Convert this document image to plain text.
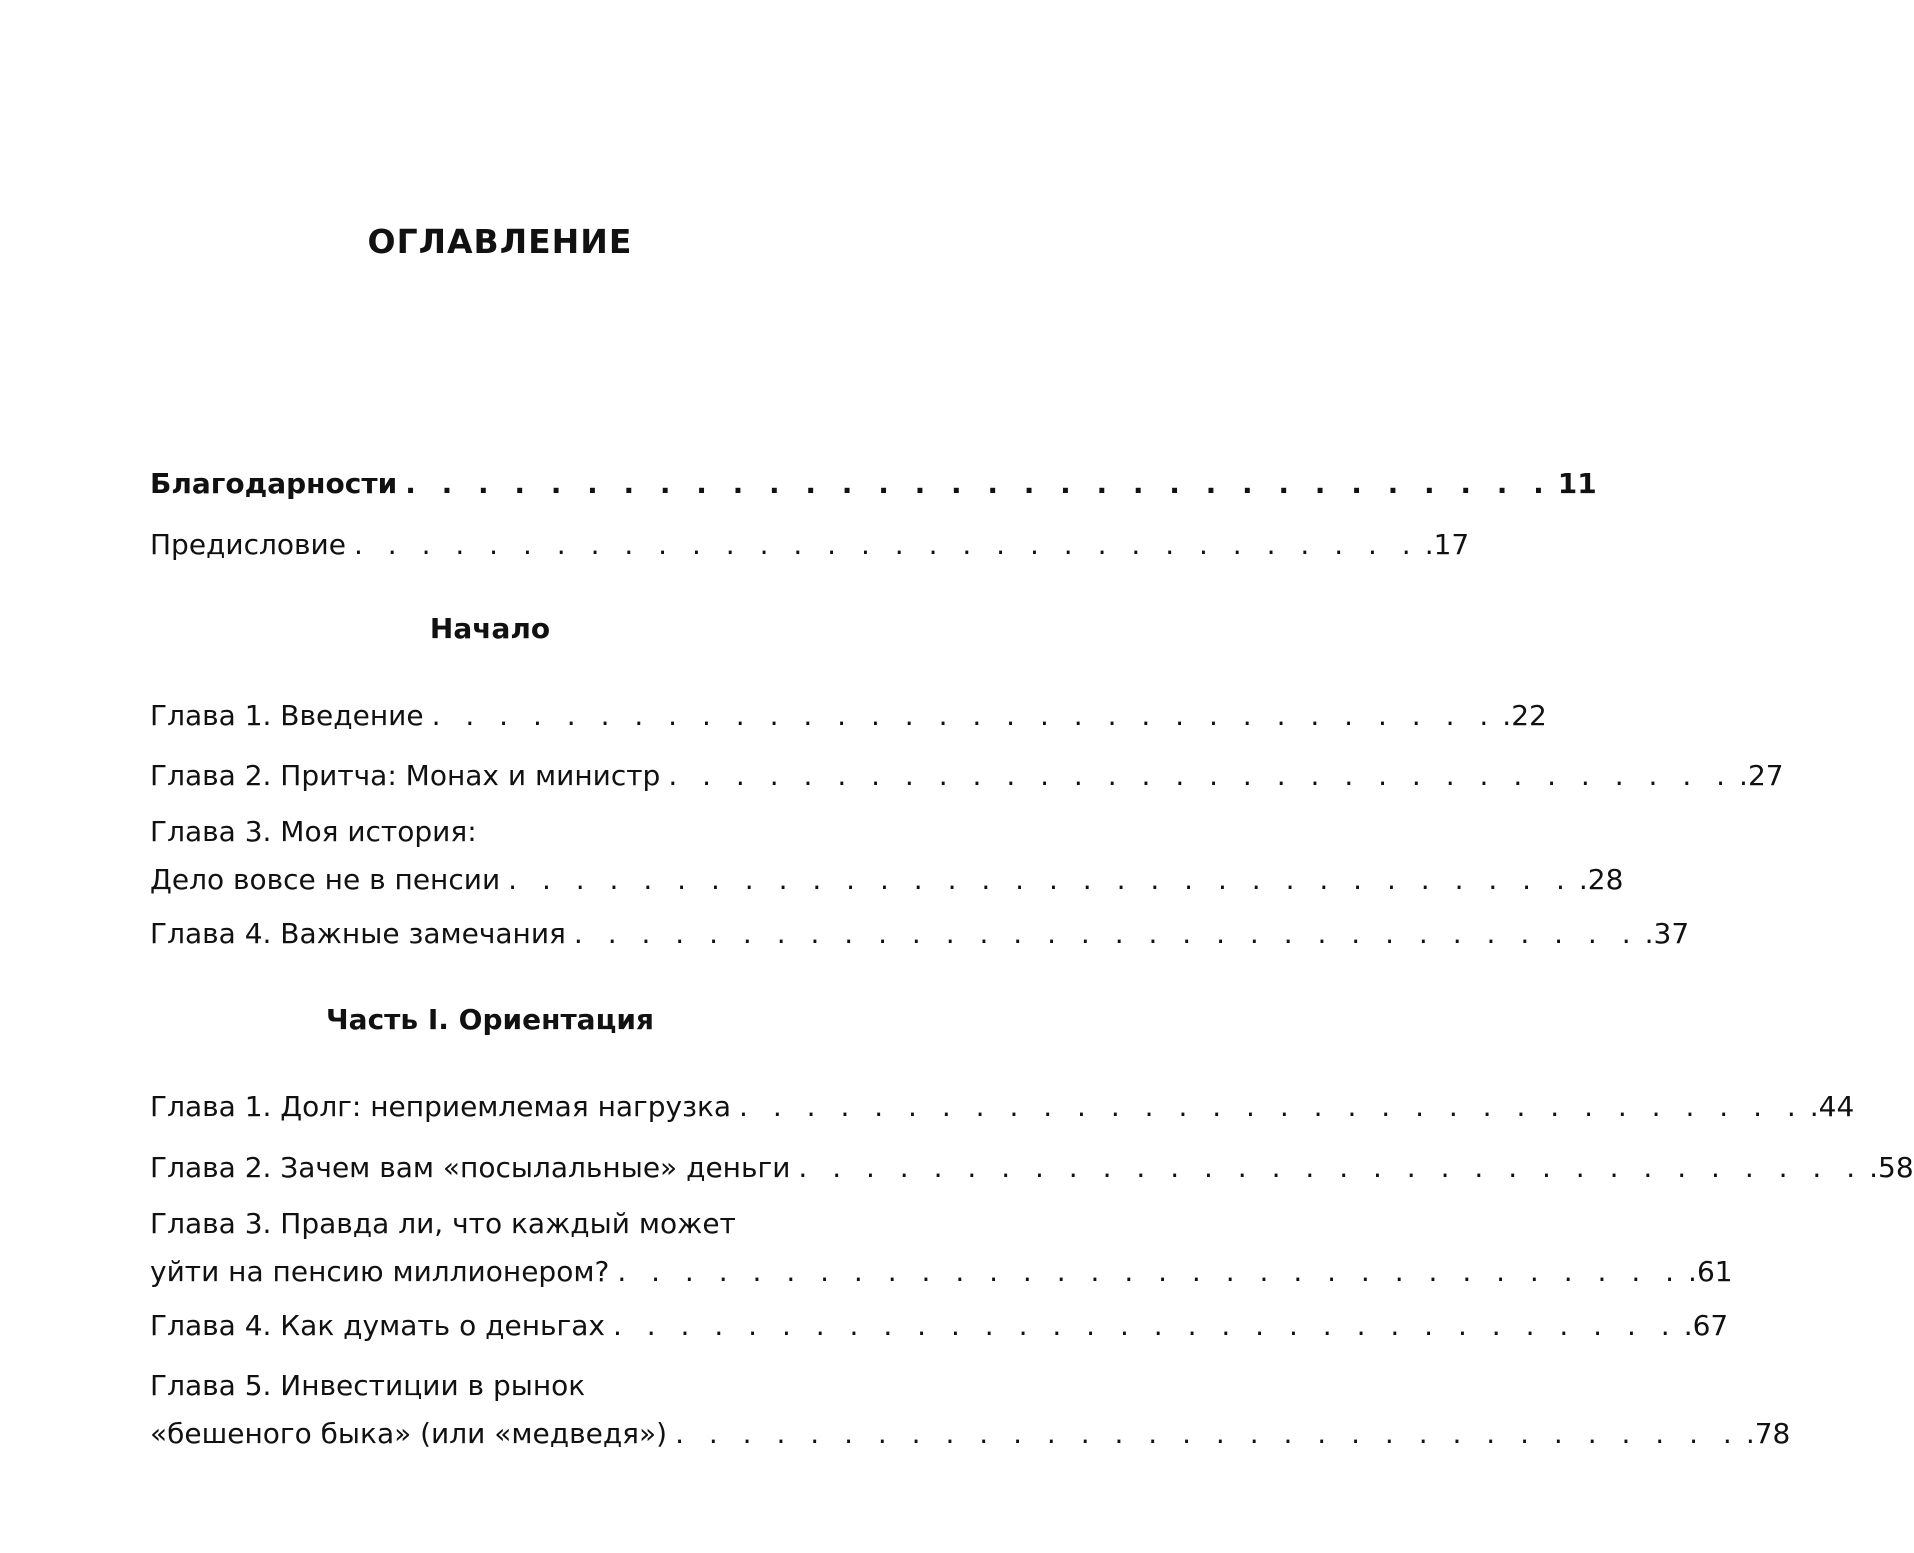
ОГЛАВЛЕНИЕ
Благодарности . . . . . . . . . . . . . . . . . . . . . . . . . . . . . . . . 11
Предисловие . . . . . . . . . . . . . . . . . . . . . . . . . . . . . . . . .17
Начало
Глава 1. Введение . . . . . . . . . . . . . . . . . . . . . . . . . . . . . . . . .22
Глава 2. Притча: Монах и министр . . . . . . . . . . . . . . . . . . . . . . . . . . . . . . . . .27
Глава 3. Моя история:
Дело вовсе не в пенсии . . . . . . . . . . . . . . . . . . . . . . . . . . . . . . . . .28
Глава 4. Важные замечания . . . . . . . . . . . . . . . . . . . . . . . . . . . . . . . . .37
Часть I. Ориентация
Глава 1. Долг: неприемлемая нагрузка . . . . . . . . . . . . . . . . . . . . . . . . . . . . . . . . .44
Глава 2. Зачем вам «посылальные» деньги . . . . . . . . . . . . . . . . . . . . . . . . . . . . . . . . .58
Глава 3. Правда ли, что каждый может
уйти на пенсию миллионером? . . . . . . . . . . . . . . . . . . . . . . . . . . . . . . . . .61
Глава 4. Как думать о деньгах . . . . . . . . . . . . . . . . . . . . . . . . . . . . . . . . .67
Глава 5. Инвестиции в рынок
«бешеного быка» (или «медведя») . . . . . . . . . . . . . . . . . . . . . . . . . . . . . . . . .78
